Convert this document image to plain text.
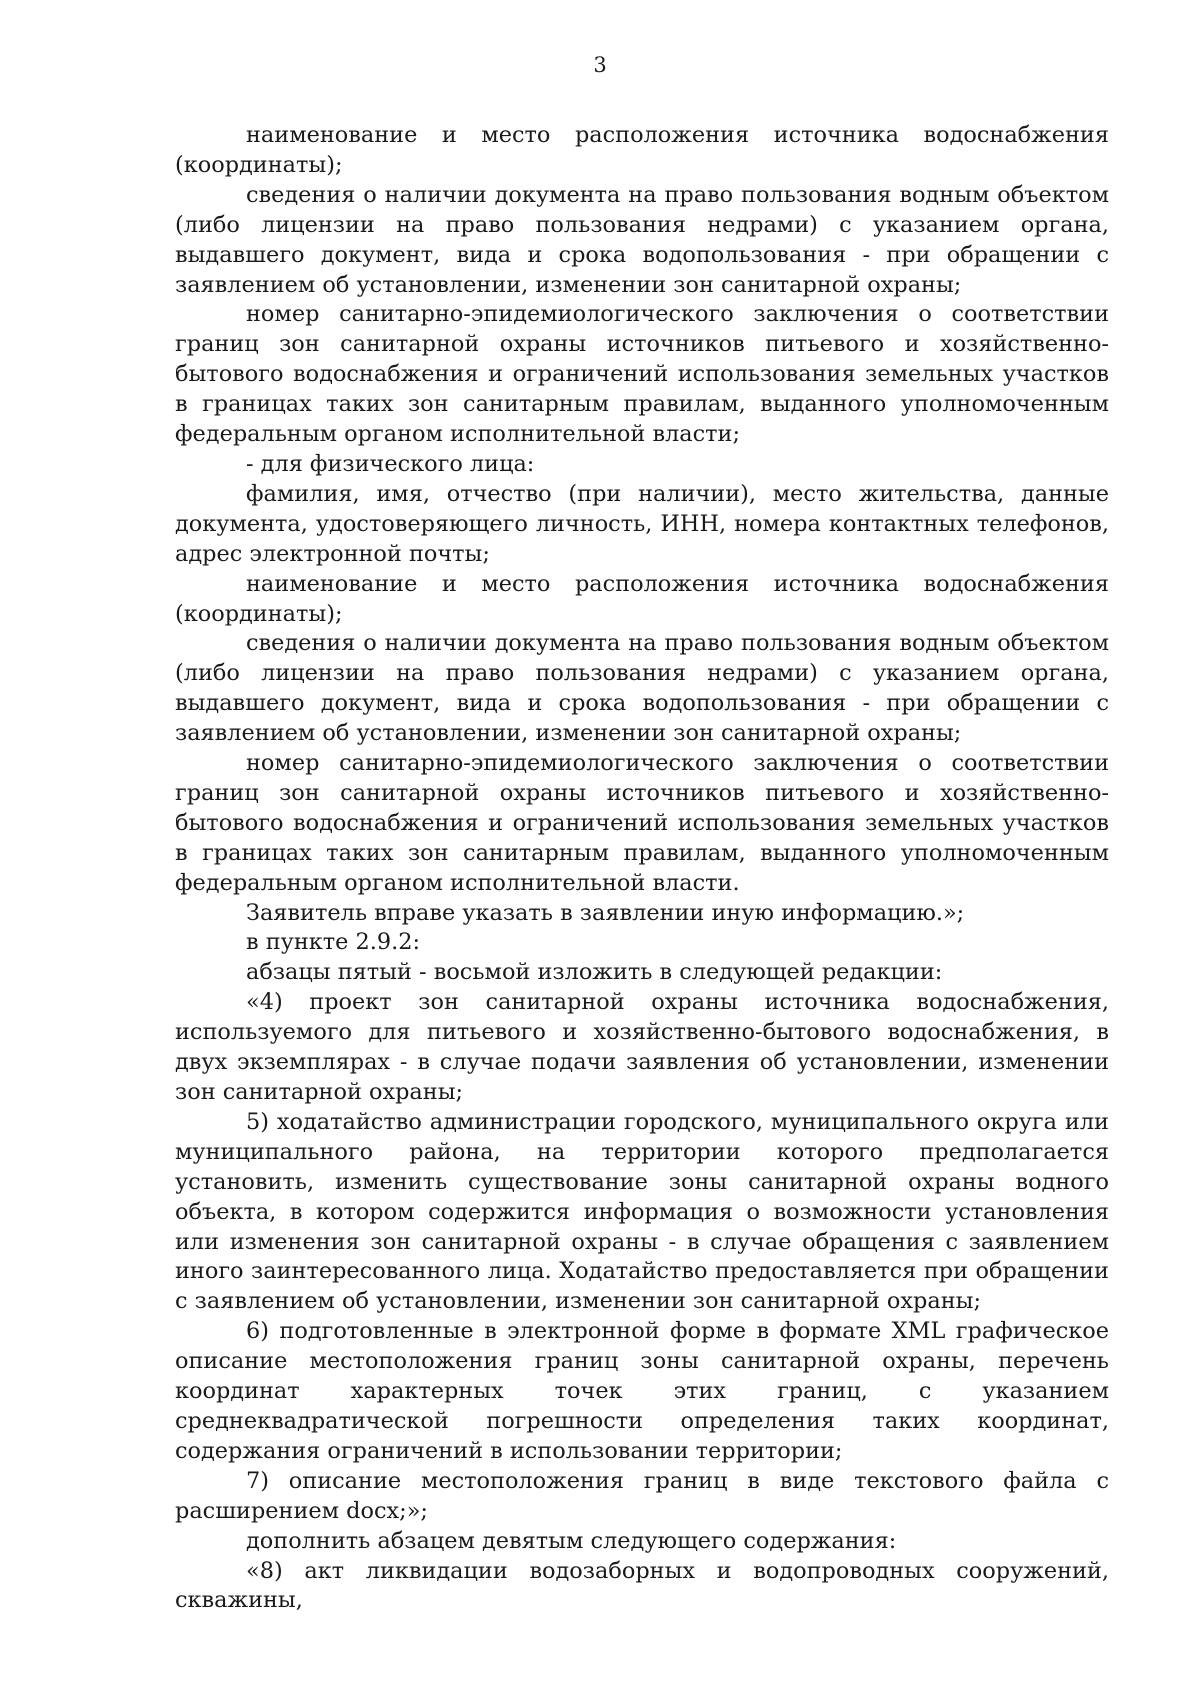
3

наименование и место расположения источника водоснабжения (координаты);

сведения о наличии документа на право пользования водным объектом (либо лицензии на право пользования недрами) с указанием органа, выдавшего документ, вида и срока водопользования - при обращении с заявлением об установлении, изменении зон санитарной охраны;

номер санитарно-эпидемиологического заключения о соответствии границ зон санитарной охраны источников питьевого и хозяйственно-бытового водоснабжения и ограничений использования земельных участков в границах таких зон санитарным правилам, выданного уполномоченным федеральным органом исполнительной власти;

- для физического лица:

фамилия, имя, отчество (при наличии), место жительства, данные документа, удостоверяющего личность, ИНН, номера контактных телефонов, адрес электронной почты;

наименование и место расположения источника водоснабжения (координаты);

сведения о наличии документа на право пользования водным объектом (либо лицензии на право пользования недрами) с указанием органа, выдавшего документ, вида и срока водопользования - при обращении с заявлением об установлении, изменении зон санитарной охраны;

номер санитарно-эпидемиологического заключения о соответствии границ зон санитарной охраны источников питьевого и хозяйственно-бытового водоснабжения и ограничений использования земельных участков в границах таких зон санитарным правилам, выданного уполномоченным федеральным органом исполнительной власти.

Заявитель вправе указать в заявлении иную информацию.»;

в пункте 2.9.2:

абзацы пятый - восьмой изложить в следующей редакции:

«4) проект зон санитарной охраны источника водоснабжения, используемого для питьевого и хозяйственно-бытового водоснабжения, в двух экземплярах - в случае подачи заявления об установлении, изменении зон санитарной охраны;

5) ходатайство администрации городского, муниципального округа или муниципального района, на территории которого предполагается установить, изменить существование зоны санитарной охраны водного объекта, в котором содержится информация о возможности установления или изменения зон санитарной охраны - в случае обращения с заявлением иного заинтересованного лица. Ходатайство предоставляется при обращении с заявлением об установлении, изменении зон санитарной охраны;

6) подготовленные в электронной форме в формате XML графическое описание местоположения границ зоны санитарной охраны, перечень координат характерных точек этих границ, с указанием среднеквадратической погрешности определения таких координат, содержания ограничений в использовании территории;

7) описание местоположения границ в виде текстового файла с расширением docx;»;

дополнить абзацем девятым следующего содержания:

«8) акт ликвидации водозаборных и водопроводных сооружений, скважины,
